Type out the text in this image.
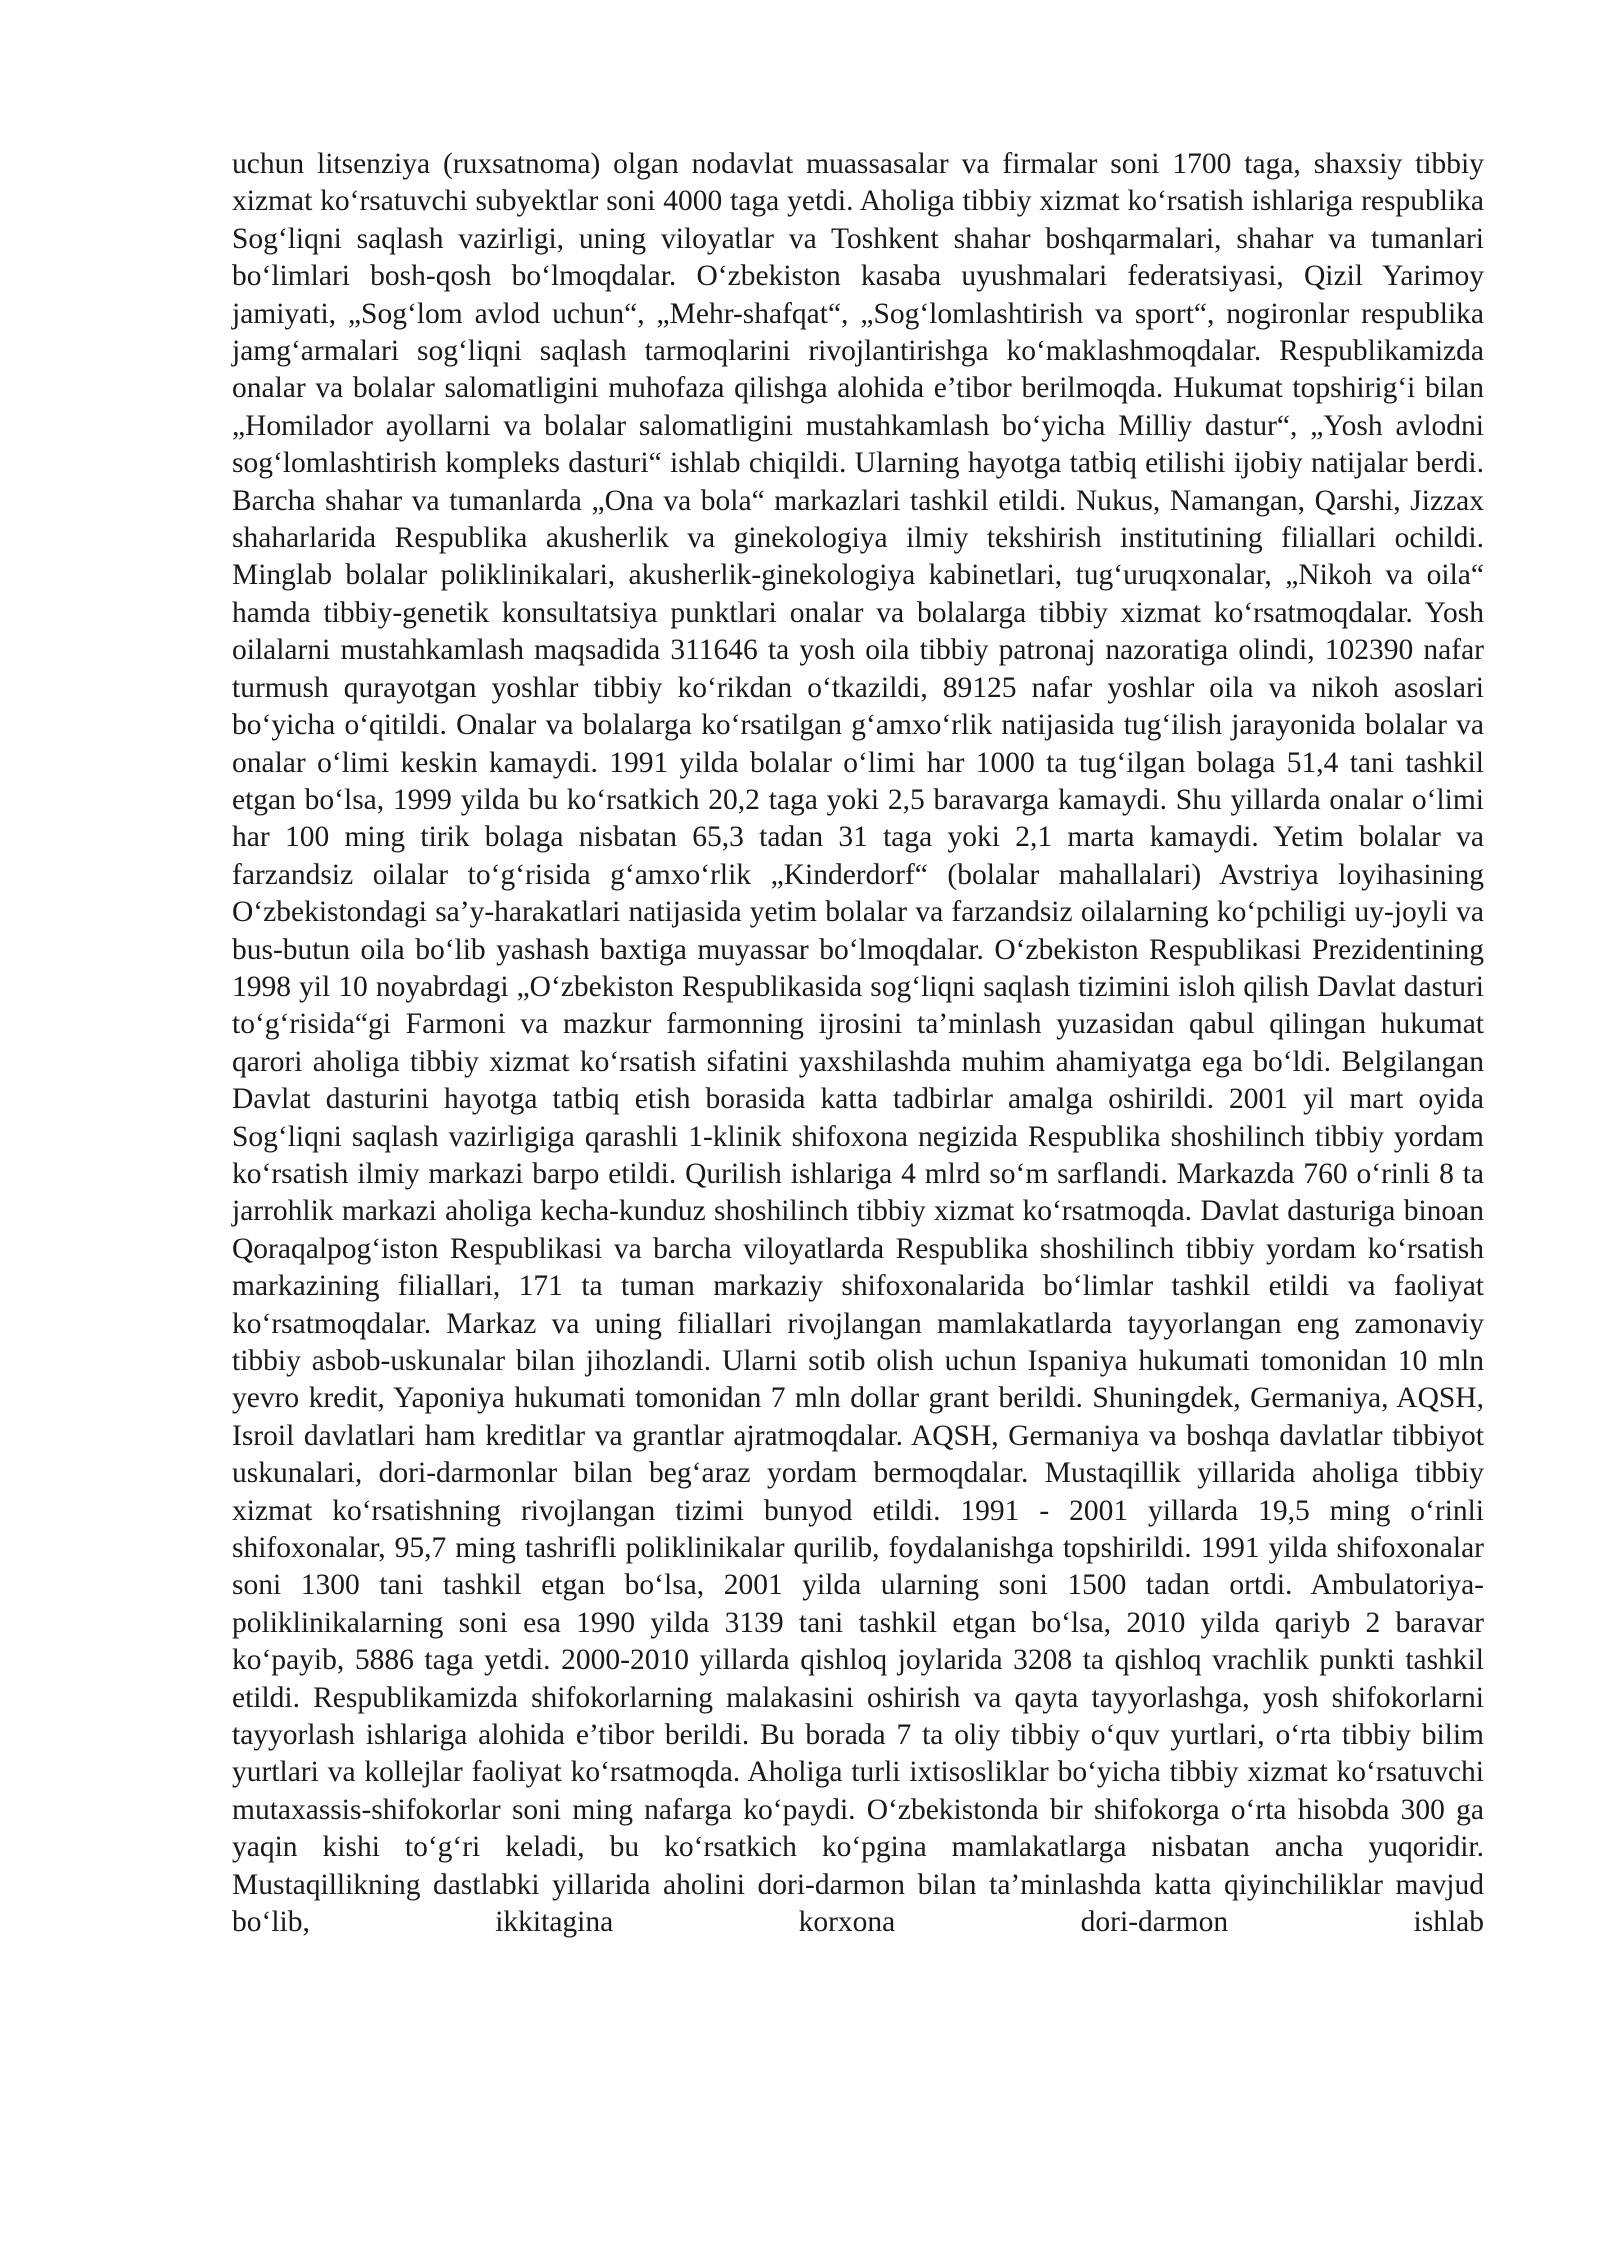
uchun litsenziya (ruxsatnoma) olgan nodavlat muassasalar va firmalar soni 1700 taga, shaxsiy tibbiy xizmat ko‘rsatuvchi subyektlar soni 4000 taga yetdi. Aholiga tibbiy xizmat ko‘rsatish ishlariga respublika Sog‘liqni saqlash vazirligi, uning viloyatlar va Toshkent shahar boshqarmalari, shahar va tumanlari bo‘limlari bosh-qosh bo‘lmoqdalar. O‘zbekiston kasaba uyushmalari federatsiyasi, Qizil Yarimoy jamiyati, „Sog‘lom avlod uchun“, „Mehr-shafqat“, „Sog‘lomlashtirish va sport“, nogironlar respublika jamg‘armalari sog‘liqni saqlash tarmoqlarini rivojlantirishga ko‘maklashmoqdalar. Respublikamizda onalar va bolalar salomatligini muhofaza qilishga alohida e’tibor berilmoqda. Hukumat topshirig‘i bilan „Homilador ayollarni va bolalar salomatligini mustahkamlash bo‘yicha Milliy dastur“, „Yosh avlodni sog‘lomlashtirish kompleks dasturi“ ishlab chiqildi. Ularning hayotga tatbiq etilishi ijobiy natijalar berdi. Barcha shahar va tumanlarda „Ona va bola“ markazlari tashkil etildi. Nukus, Namangan, Qarshi, Jizzax shaharlarida Respublika akusherlik va ginekologiya ilmiy tekshirish institutining filiallari ochildi. Minglab bolalar poliklinikalari, akusherlik-ginekologiya kabinetlari, tug‘uruqxonalar, „Nikoh va oila“ hamda tibbiy-genetik konsultatsiya punktlari onalar va bolalarga tibbiy xizmat ko‘rsatmoqdalar. Yosh oilalarni mustahkamlash maqsadida 311646 ta yosh oila tibbiy patronaj nazoratiga olindi, 102390 nafar turmush qurayotgan yoshlar tibbiy ko‘rikdan o‘tkazildi, 89125 nafar yoshlar oila va nikoh asoslari bo‘yicha o‘qitildi. Onalar va bolalarga ko‘rsatilgan g‘amxo‘rlik natijasida tug‘ilish jarayonida bolalar va onalar o‘limi keskin kamaydi. 1991 yilda bolalar o‘limi har 1000 ta tug‘ilgan bolaga 51,4 tani tashkil etgan bo‘lsa, 1999 yilda bu ko‘rsatkich 20,2 taga yoki 2,5 baravarga kamaydi. Shu yillarda onalar o‘limi har 100 ming tirik bolaga nisbatan 65,3 tadan 31 taga yoki 2,1 marta kamaydi. Yetim bolalar va farzandsiz oilalar to‘g‘risida g‘amxo‘rlik „Kinderdorf“ (bolalar mahallalari) Avstriya loyihasining O‘zbekistondagi sa’y-harakatlari natijasida yetim bolalar va farzandsiz oilalarning ko‘pchiligi uy-joyli va bus-butun oila bo‘lib yashash baxtiga muyassar bo‘lmoqdalar. O‘zbekiston Respublikasi Prezidentining 1998 yil 10 noyabrdagi „O‘zbekiston Respublikasida sog‘liqni saqlash tizimini isloh qilish Davlat dasturi to‘g‘risida“gi Farmoni va mazkur farmonning ijrosini ta’minlash yuzasidan qabul qilingan hukumat qarori aholiga tibbiy xizmat ko‘rsatish sifatini yaxshilashda muhim ahamiyatga ega bo‘ldi. Belgilangan Davlat dasturini hayotga tatbiq etish borasida katta tadbirlar amalga oshirildi. 2001 yil mart oyida Sog‘liqni saqlash vazirligiga qarashli 1-klinik shifoxona negizida Respublika shoshilinch tibbiy yordam ko‘rsatish ilmiy markazi barpo etildi. Qurilish ishlariga 4 mlrd so‘m sarflandi. Markazda 760 o‘rinli 8 ta jarrohlik markazi aholiga kecha-kunduz shoshilinch tibbiy xizmat ko‘rsatmoqda. Davlat dasturiga binoan Qoraqalpog‘iston Respublikasi va barcha viloyatlarda Respublika shoshilinch tibbiy yordam ko‘rsatish markazining filiallari, 171 ta tuman markaziy shifoxonalarida bo‘limlar tashkil etildi va faoliyat ko‘rsatmoqdalar. Markaz va uning filiallari rivojlangan mamlakatlarda tayyorlangan eng zamonaviy tibbiy asbob-uskunalar bilan jihozlandi. Ularni sotib olish uchun Ispaniya hukumati tomonidan 10 mln yevro kredit, Yaponiya hukumati tomonidan 7 mln dollar grant berildi. Shuningdek, Germaniya, AQSH, Isroil davlatlari ham kreditlar va grantlar ajratmoqdalar. AQSH, Germaniya va boshqa davlatlar tibbiyot uskunalari, dori-darmonlar bilan beg‘araz yordam bermoqdalar. Mustaqillik yillarida aholiga tibbiy xizmat ko‘rsatishning rivojlangan tizimi bunyod etildi. 1991 - 2001 yillarda 19,5 ming o‘rinli shifoxonalar, 95,7 ming tashrifli poliklinikalar qurilib, foydalanishga topshirildi. 1991 yilda shifoxonalar soni 1300 tani tashkil etgan bo‘lsa, 2001 yilda ularning soni 1500 tadan ortdi. Ambulatoriya-poliklinikalarning soni esa 1990 yilda 3139 tani tashkil etgan bo‘lsa, 2010 yilda qariyb 2 baravar ko‘payib, 5886 taga yetdi. 2000-2010 yillarda qishloq joylarida 3208 ta qishloq vrachlik punkti tashkil etildi. Respublikamizda shifokorlarning malakasini oshirish va qayta tayyorlashga, yosh shifokorlarni tayyorlash ishlariga alohida e’tibor berildi. Bu borada 7 ta oliy tibbiy o‘quv yurtlari, o‘rta tibbiy bilim yurtlari va kollejlar faoliyat ko‘rsatmoqda. Aholiga turli ixtisosliklar bo‘yicha tibbiy xizmat ko‘rsatuvchi mutaxassis-shifokorlar soni ming nafarga ko‘paydi. O‘zbekistonda bir shifokorga o‘rta hisobda 300 ga yaqin kishi to‘g‘ri keladi, bu ko‘rsatkich ko‘pgina mamlakatlarga nisbatan ancha yuqoridir. Mustaqillikning dastlabki yillarida aholini dori-darmon bilan ta’minlashda katta qiyinchiliklar mavjud bo‘lib, ikkitagina korxona dori-darmon ishlab
